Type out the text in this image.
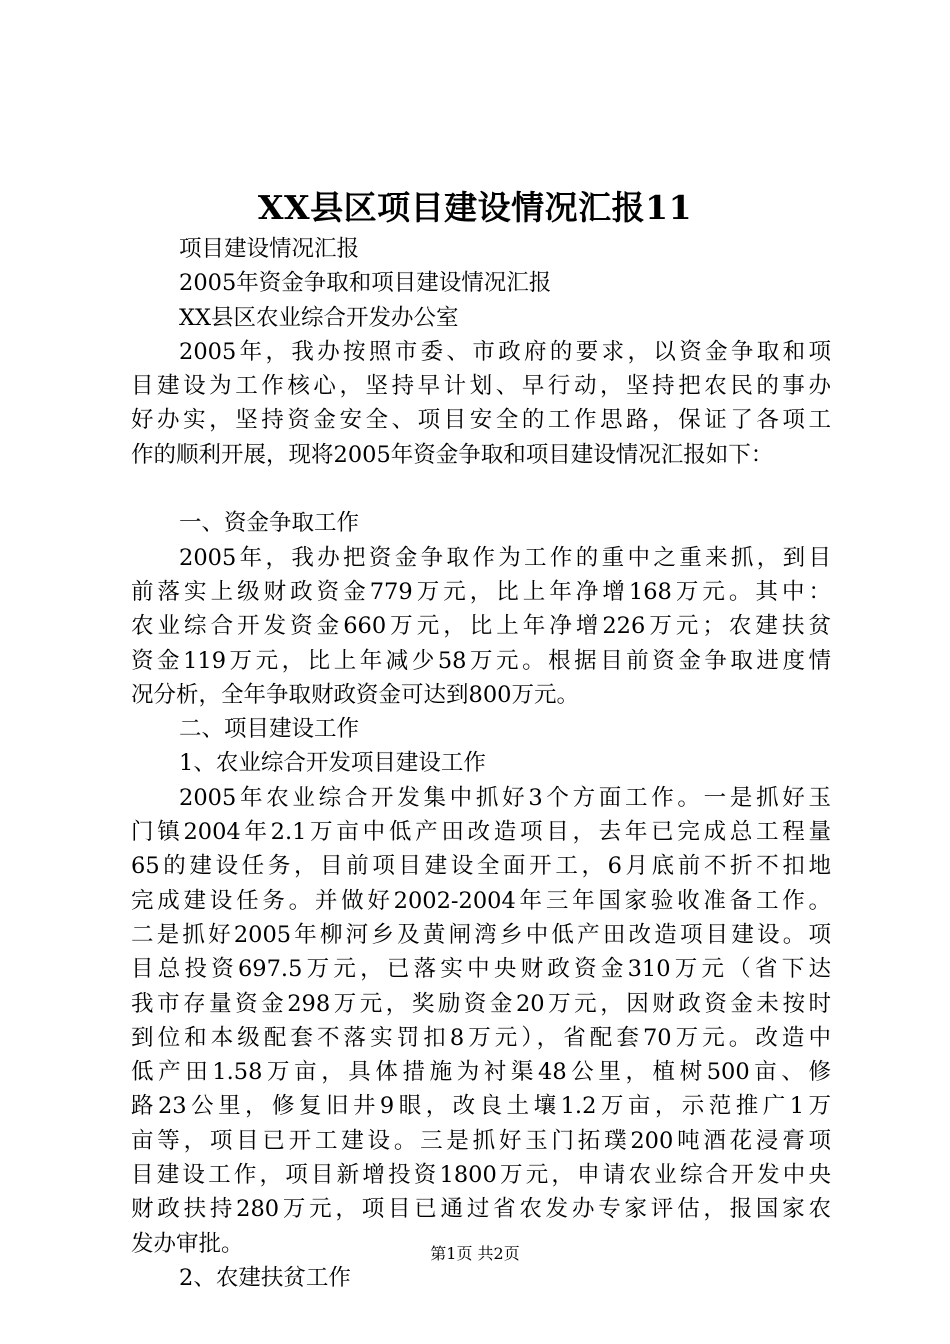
XX县区项目建设情况汇报11
项目建设情况汇报
2005年资金争取和项目建设情况汇报
XX县区农业综合开发办公室
2005年，我办按照市委、市政府的要求，以资金争取和项
目建设为工作核心，坚持早计划、早行动，坚持把农民的事办
好办实，坚持资金安全、项目安全的工作思路，保证了各项工
作的顺利开展，现将2005年资金争取和项目建设情况汇报如下：
一、资金争取工作
2005年，我办把资金争取作为工作的重中之重来抓，到目
前落实上级财政资金779万元，比上年净增168万元。其中：
农业综合开发资金660万元，比上年净增226万元；农建扶贫
资金119万元，比上年减少58万元。根据目前资金争取进度情
况分析，全年争取财政资金可达到800万元。
二、项目建设工作
1、农业综合开发项目建设工作
2005年农业综合开发集中抓好3个方面工作。一是抓好玉
门镇2004年2.1万亩中低产田改造项目，去年已完成总工程量
65的建设任务，目前项目建设全面开工，6月底前不折不扣地
完成建设任务。并做好2002-2004年三年国家验收准备工作。
二是抓好2005年柳河乡及黄闸湾乡中低产田改造项目建设。项
目总投资697.5万元，已落实中央财政资金310万元（省下达
我市存量资金298万元，奖励资金20万元，因财政资金未按时
到位和本级配套不落实罚扣8万元），省配套70万元。改造中
低产田1.58万亩，具体措施为衬渠48公里，植树500亩、修
路23公里，修复旧井9眼，改良土壤1.2万亩，示范推广1万
亩等，项目已开工建设。三是抓好玉门拓璞200吨酒花浸膏项
目建设工作，项目新增投资1800万元，申请农业综合开发中央
财政扶持280万元，项目已通过省农发办专家评估，报国家农
发办审批。
2、农建扶贫工作
第1页 共2页
